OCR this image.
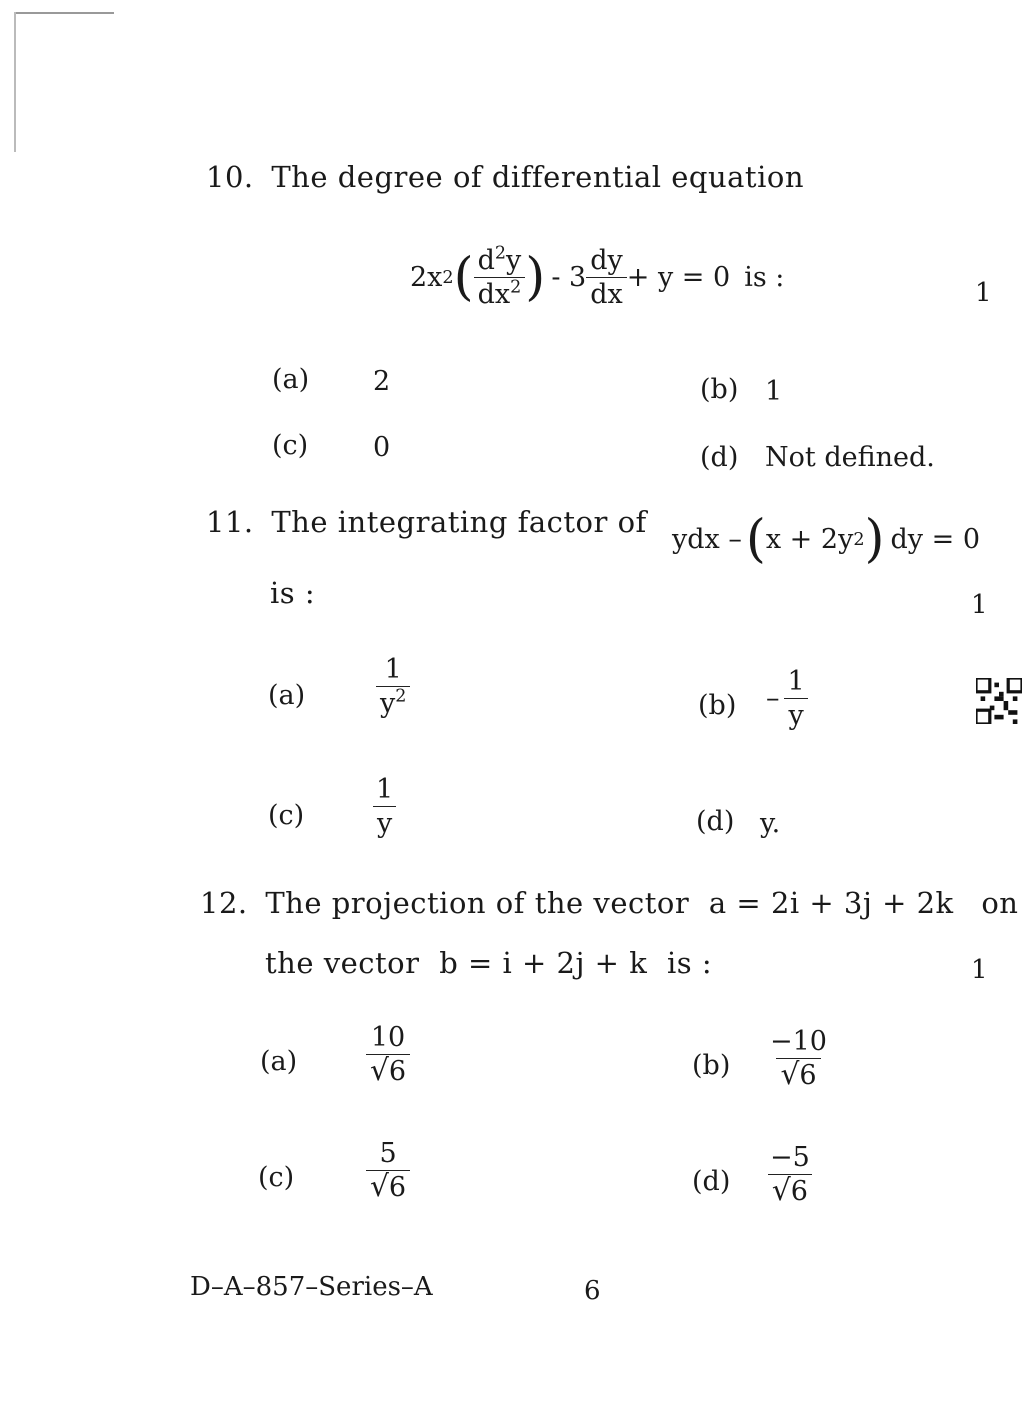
10. The degree of differential equation
2x 2 ( $\frac{d^2y}{dx^2}$ ) - $3 \frac{dy}{dx} + y = 0$ is :	1
(a) 2	(b) 1
(c) 0	(d) Not defined.
11. The integrating factor of
ydx – ( x + 2y 2 ) dy = 0
is :	1
(a)	$\frac{1}{y^2}$	$(b) - \frac{1}{y}$
(c)	$\frac{1}{y}$	(d) y.
12. The projection of the vector a = 2i + 3j + 2k on
the vector b = i + 2j + k is :	1
(a)	$\frac{10}{√ 6}$	$(b) \frac{-10}{√ 6}$
(c)	$\frac{5}{√ 6}$	$(d) \frac{-5}{√ 6}$
D–A–857–Series–A	6
